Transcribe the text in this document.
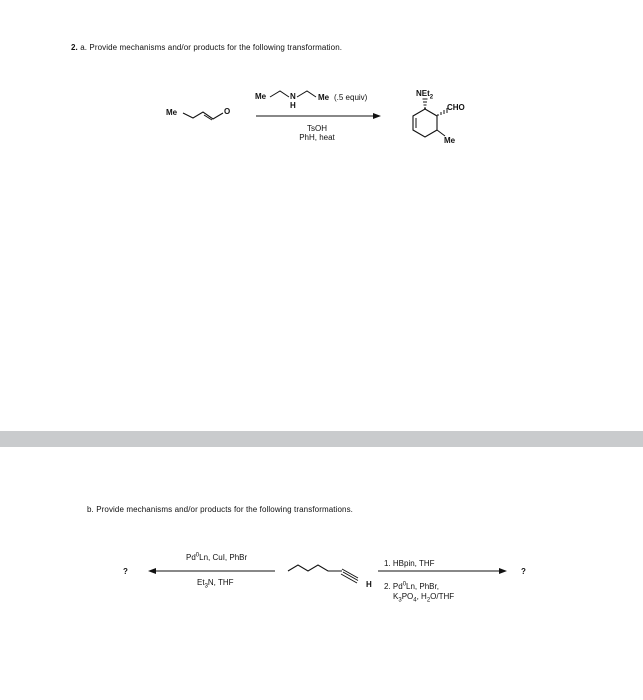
2. a. Provide mechanisms and/or products for the following transformation.
Me	O
Me	N
H
Me (.5 equiv)
TsOH
PhH, heat
NEt$_2$
CHO
Me
b. Provide mechanisms and/or products for the following transformations.
?
Pd$^0$Ln, CuI, PhBr
$Et_3N$, THF	H
1. HBpin, THF
2. Pd$^0$Ln, PhBr,
$K_3PO_4$, $H_2O$/THF
?
